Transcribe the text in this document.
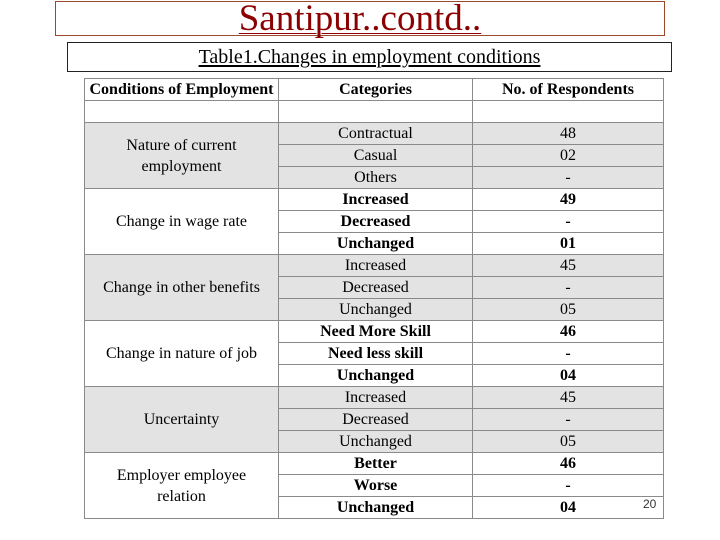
Santipur..contd..
Table1.Changes in employment conditions
Conditions of Employment	Categories	No. of Respondents

Nature of current employment	Contractual	48
	Casual	02
	Others	-
Change in wage rate	Increased	49
	Decreased	-
	Unchanged	01
Change in other benefits	Increased	45
	Decreased	-
	Unchanged	05
Change in nature of job	Need More Skill	46
	Need less skill	-
	Unchanged	04
Uncertainty	Increased	45
	Decreased	-
	Unchanged	05
Employer employee relation	Better	46
	Worse	-
	Unchanged	04	20
